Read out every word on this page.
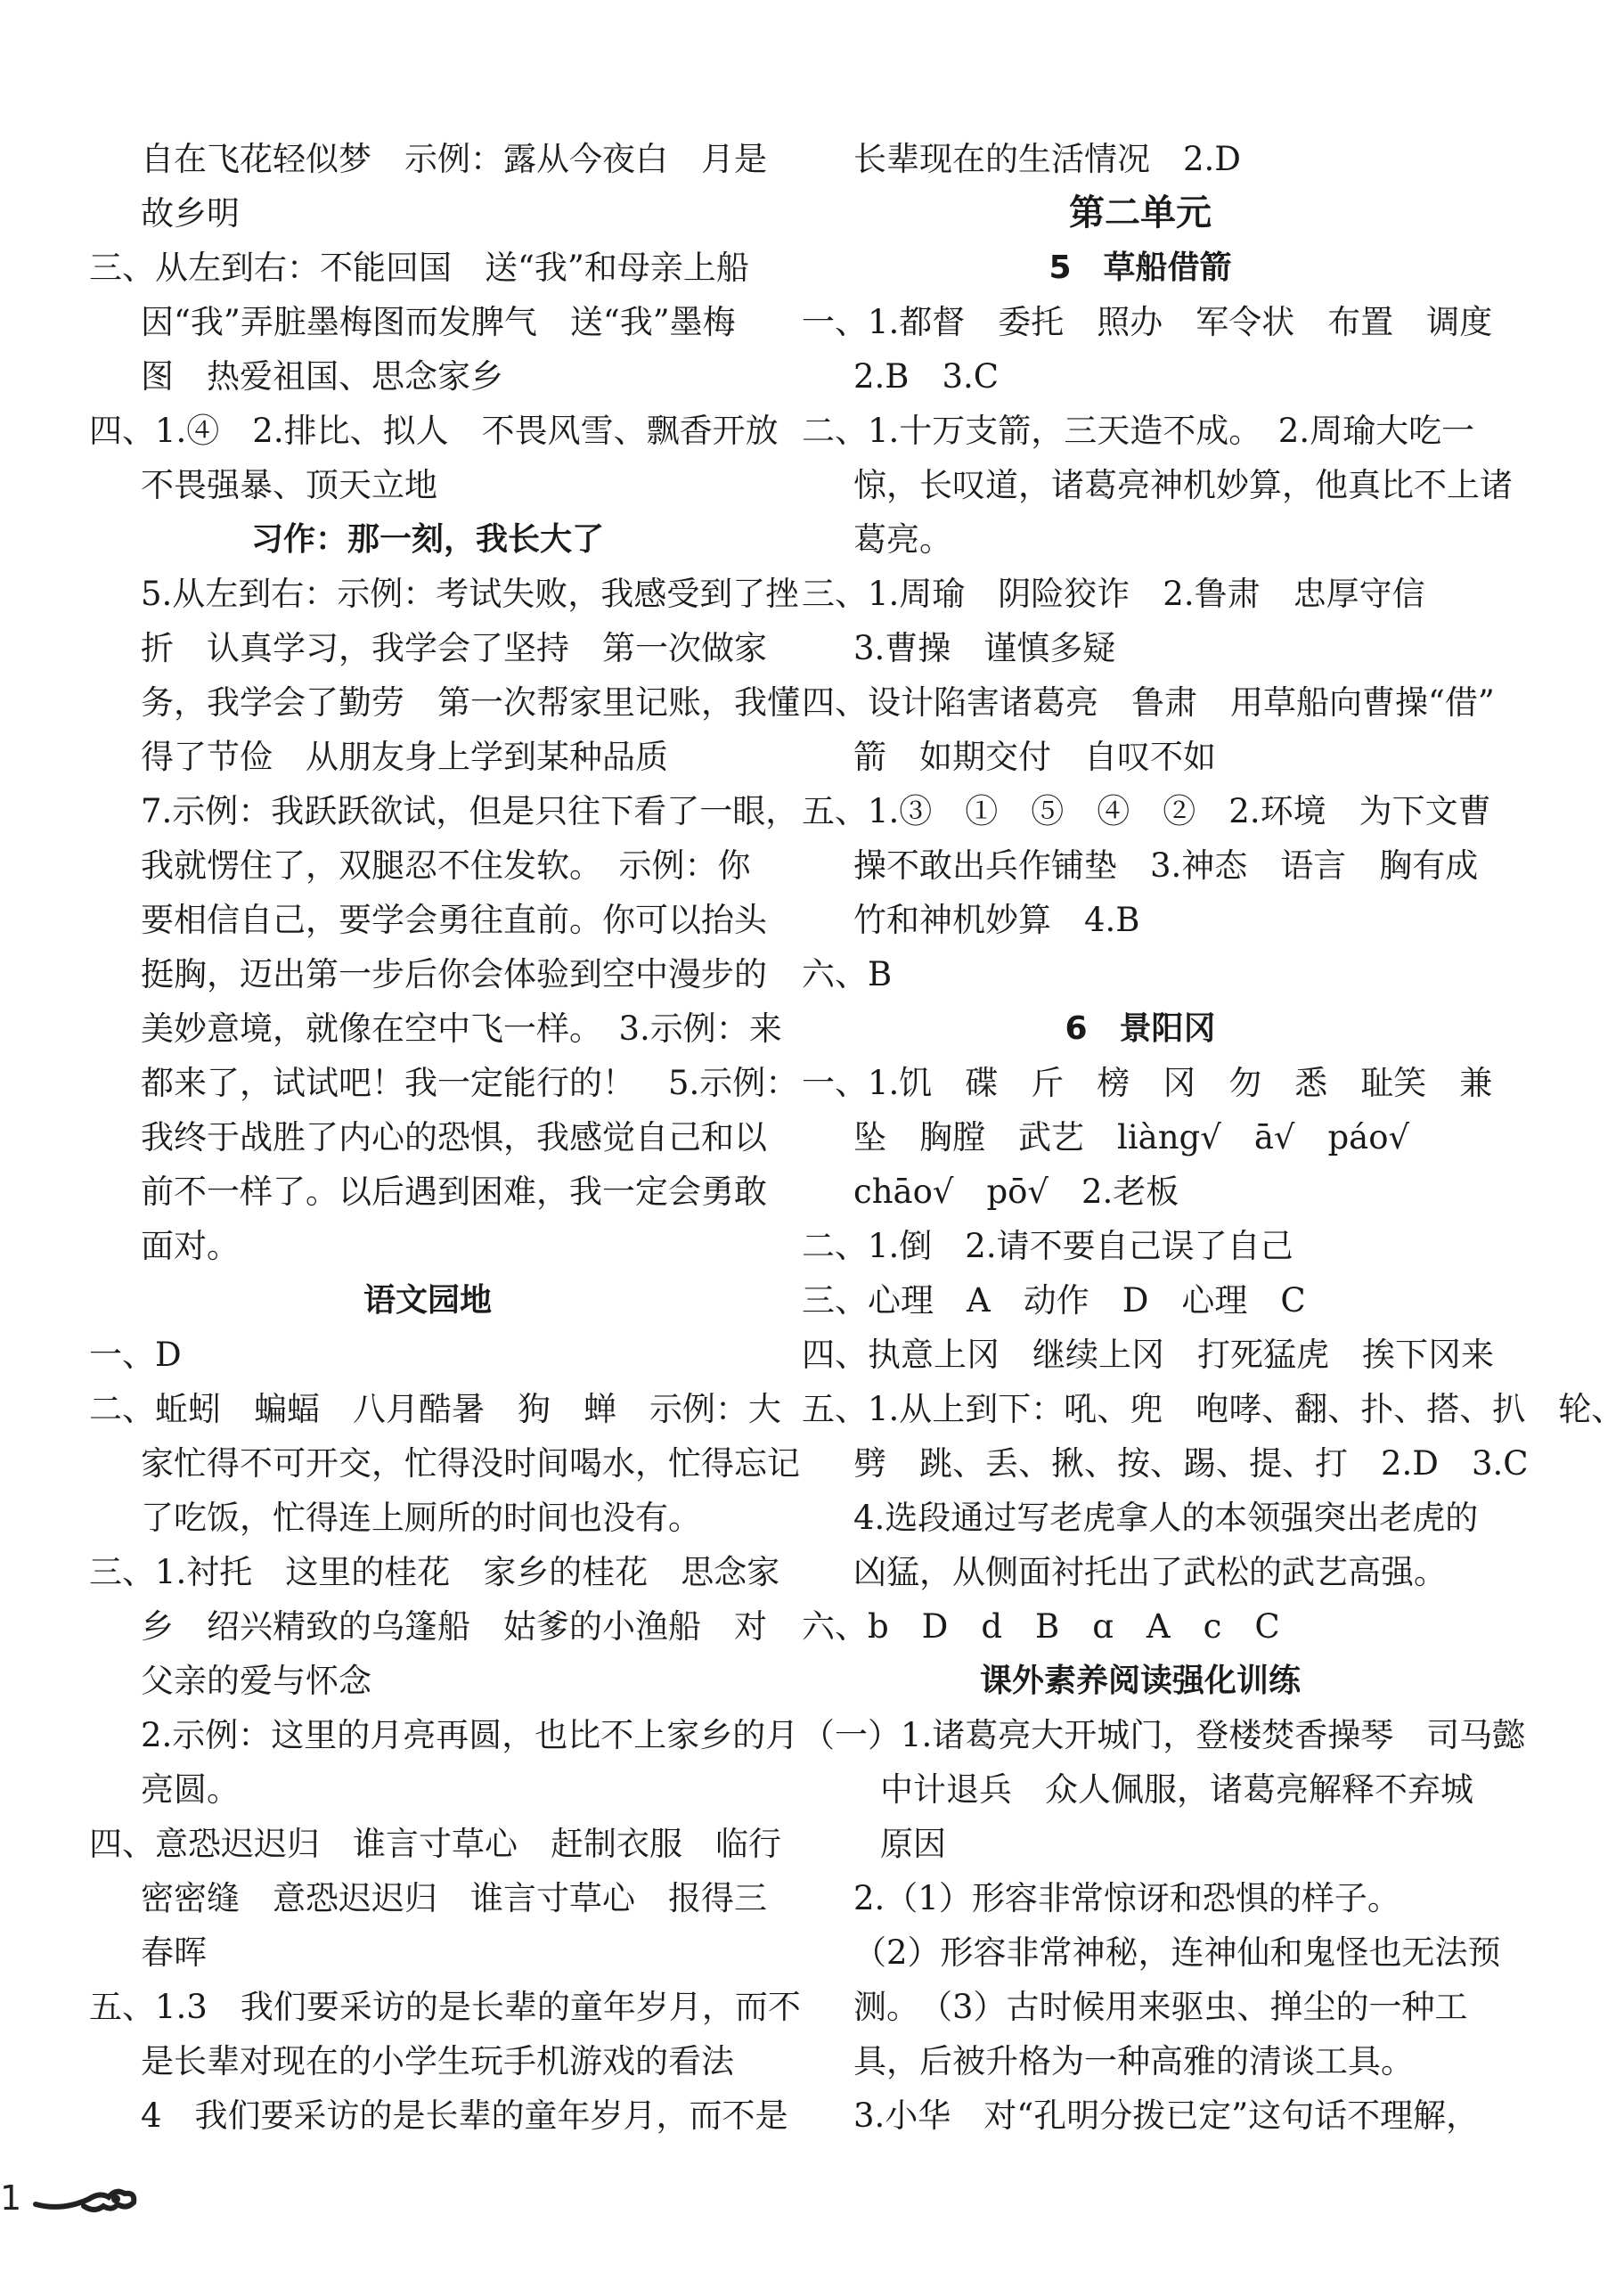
自在飞花轻似梦　示例：露从今夜白　月是
故乡明
三、从左到右：不能回国　送“我”和母亲上船
因“我”弄脏墨梅图而发脾气　送“我”墨梅
图　热爱祖国、思念家乡
四、1.④　2.排比、拟人　不畏风雪、飘香开放
不畏强暴、顶天立地
习作：那一刻，我长大了
5.从左到右：示例：考试失败，我感受到了挫
折　认真学习，我学会了坚持　第一次做家
务，我学会了勤劳　第一次帮家里记账，我懂
得了节俭　从朋友身上学到某种品质
7.示例：我跃跃欲试，但是只往下看了一眼，
我就愣住了，双腿忍不住发软。　示例：你
要相信自己，要学会勇往直前。你可以抬头
挺胸，迈出第一步后你会体验到空中漫步的
美妙意境，就像在空中飞一样。　3.示例：来
都来了，试试吧！我一定能行的！　5.示例：
我终于战胜了内心的恐惧，我感觉自己和以
前不一样了。以后遇到困难，我一定会勇敢
面对。
语文园地
一、D
二、蚯蚓　蝙蝠　八月酷暑　狗　蝉　示例：大
家忙得不可开交，忙得没时间喝水，忙得忘记
了吃饭，忙得连上厕所的时间也没有。
三、1.衬托　这里的桂花　家乡的桂花　思念家
乡　绍兴精致的乌篷船　姑爹的小渔船　对
父亲的爱与怀念
2.示例：这里的月亮再圆，也比不上家乡的月
亮圆。
四、意恐迟迟归　谁言寸草心　赶制衣服　临行
密密缝　意恐迟迟归　谁言寸草心　报得三
春晖
五、1.3　我们要采访的是长辈的童年岁月，而不
是长辈对现在的小学生玩手机游戏的看法
4　我们要采访的是长辈的童年岁月，而不是
长辈现在的生活情况　2.D
第二单元
5　草船借箭
一、1.都督　委托　照办　军令状　布置　调度
2.B　3.C
二、1.十万支箭，三天造不成。　2.周瑜大吃一
惊，长叹道，诸葛亮神机妙算，他真比不上诸
葛亮。
三、1.周瑜　阴险狡诈　2.鲁肃　忠厚守信
3.曹操　谨慎多疑
四、设计陷害诸葛亮　鲁肃　用草船向曹操“借”
箭　如期交付　自叹不如
五、1.③　①　⑤　④　②　2.环境　为下文曹
操不敢出兵作铺垫　3.神态　语言　胸有成
竹和神机妙算　4.B
六、B
6　景阳冈
一、1.饥　碟　斤　榜　冈　勿　悉　耻笑　兼
坠　胸膛　武艺　liàng√　ā√　páo√
chāo√　pō√　2.老板
二、1.倒　2.请不要自己误了自己
三、心理　A　动作　D　心理　C
四、执意上冈　继续上冈　打死猛虎　挨下冈来
五、1.从上到下：吼、兜　咆哮、翻、扑、搭、扒　轮、
劈　跳、丢、揪、按、踢、提、打　2.D　3.C
4.选段通过写老虎拿人的本领强突出老虎的
凶猛，从侧面衬托出了武松的武艺高强。
六、b　D　d　B　ɑ　A　c　C
课外素养阅读强化训练
（一）1.诸葛亮大开城门，登楼焚香操琴　司马懿
中计退兵　众人佩服，诸葛亮解释不弃城
原因
2.（1）形容非常惊讶和恐惧的样子。
（2）形容非常神秘，连神仙和鬼怪也无法预
测。　（3）古时候用来驱虫、掸尘的一种工
具，后被升格为一种高雅的清谈工具。
3.小华　对“孔明分拨已定”这句话不理解，
1
